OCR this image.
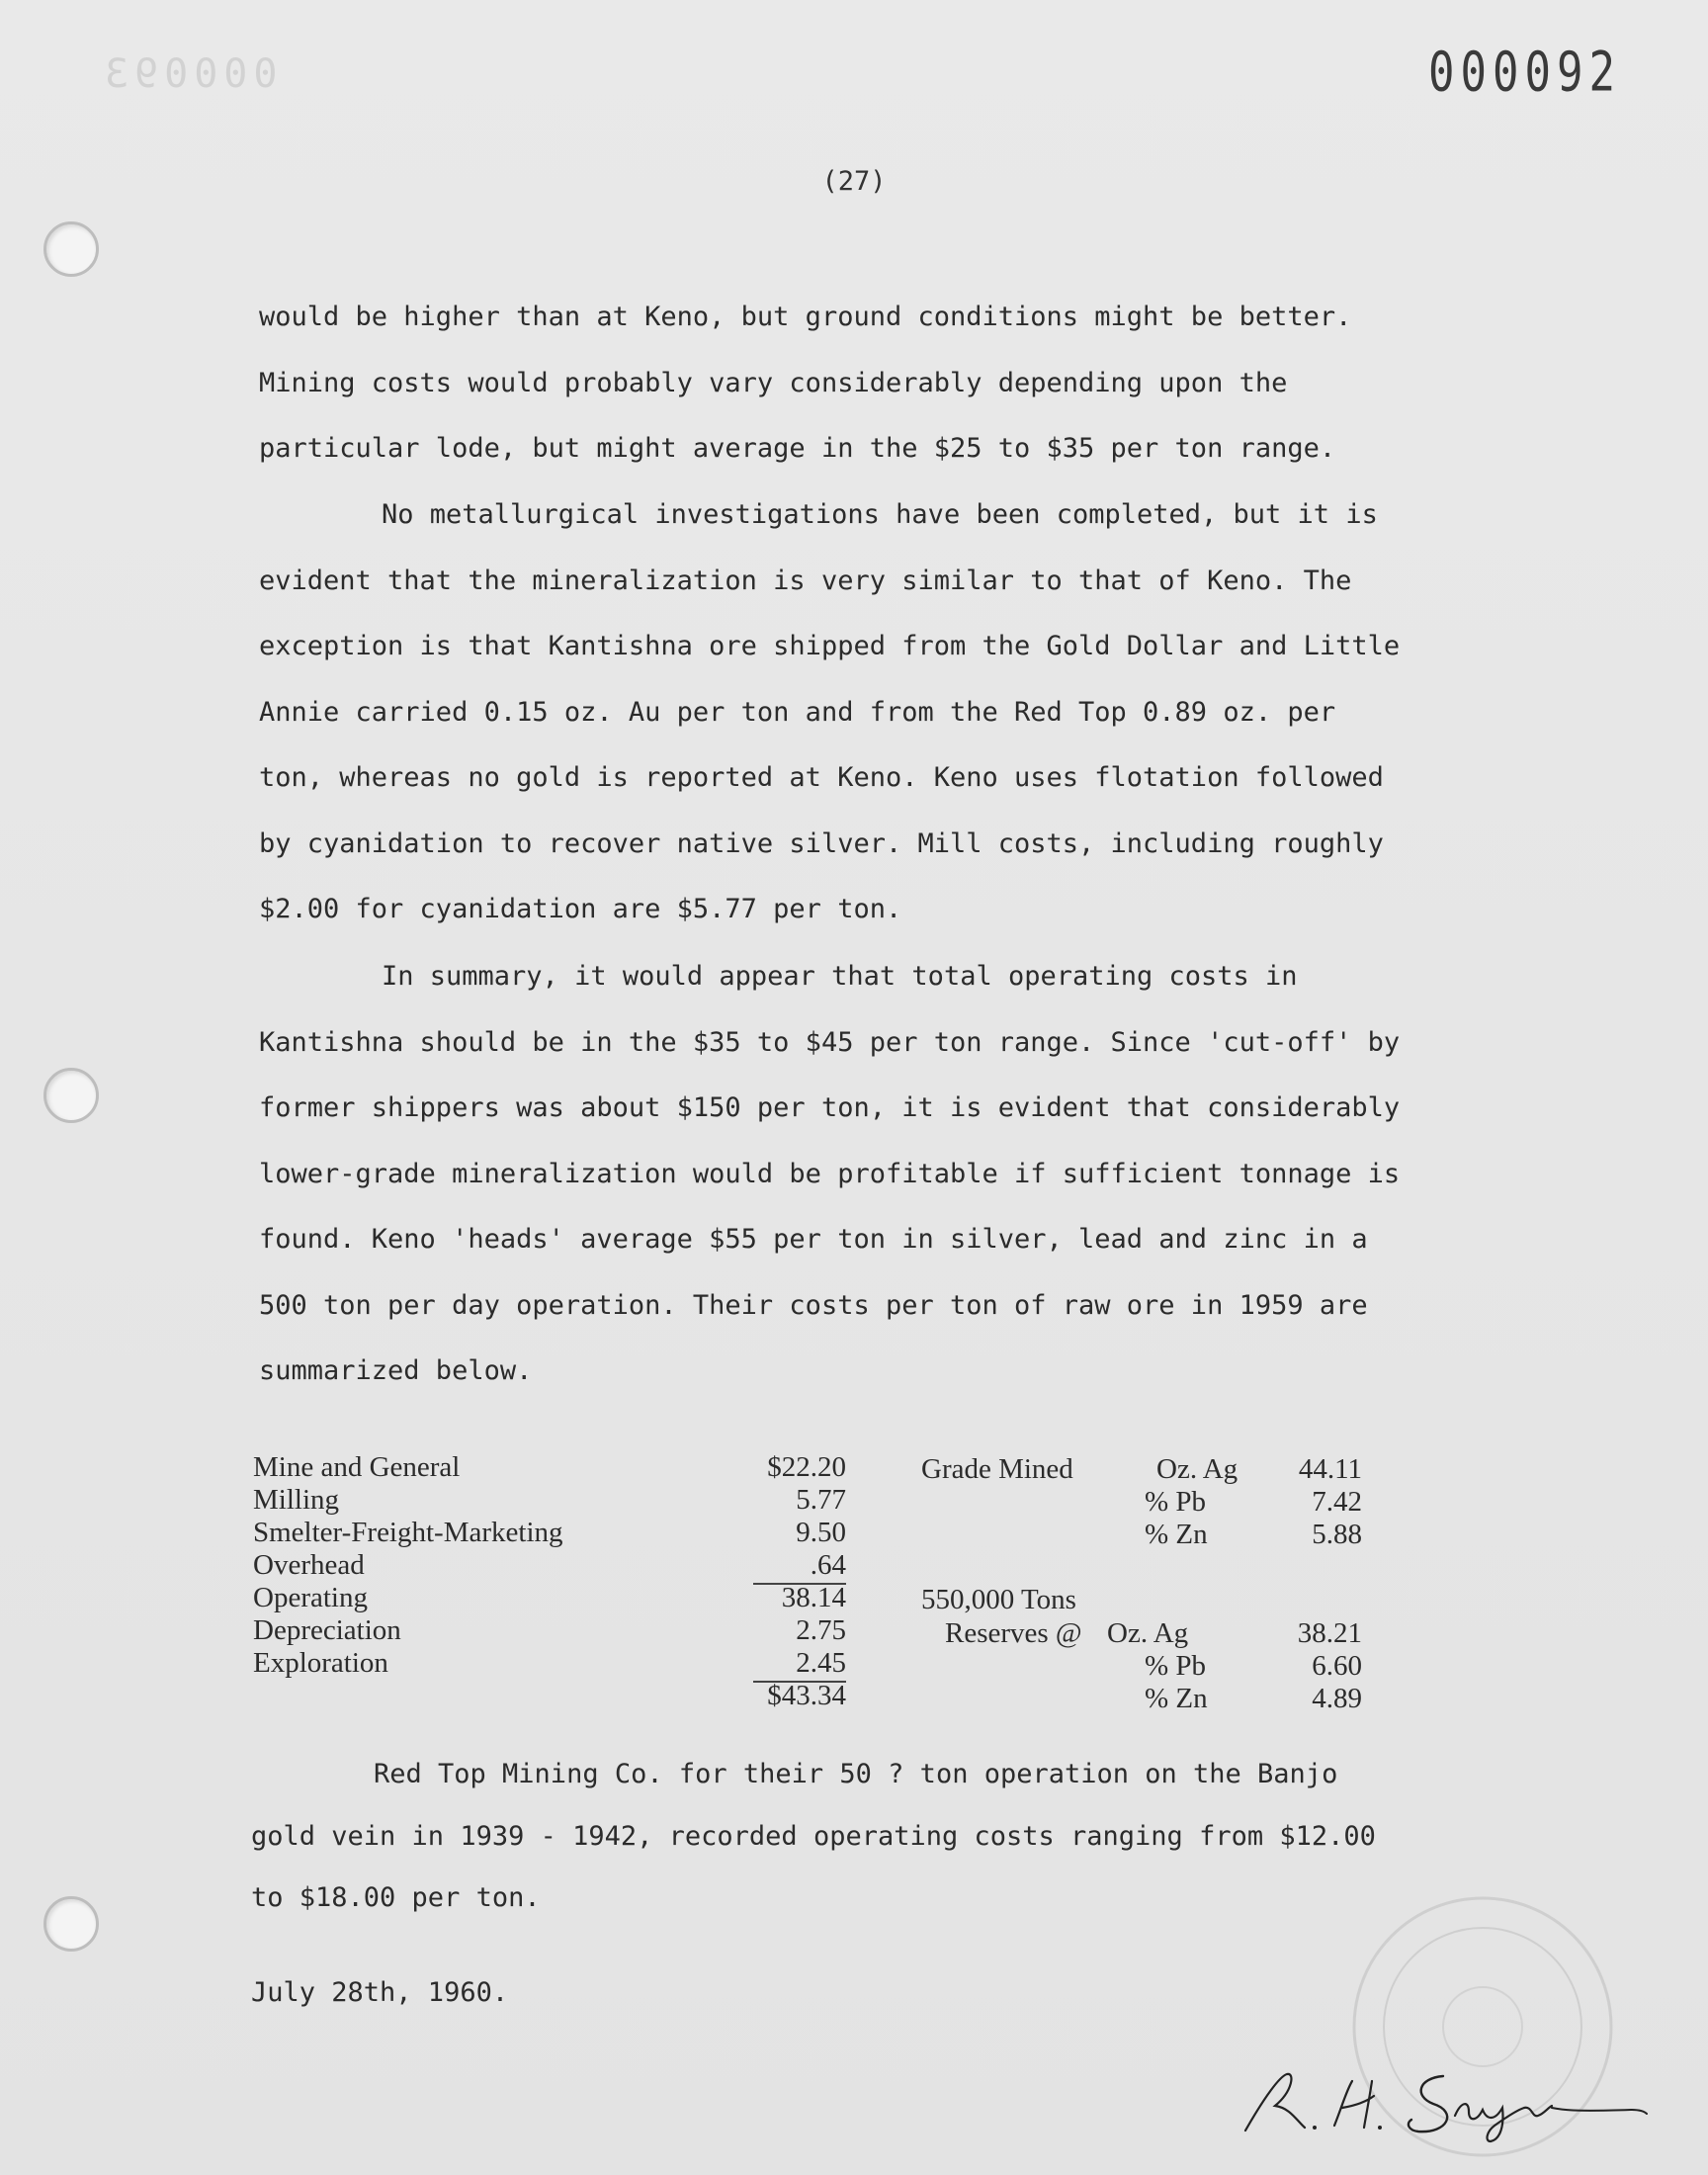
000093	000092
(27)
would be higher than at Keno, but ground conditions might be better.
Mining costs would probably vary considerably depending upon the
particular lode, but might average in the $25 to $35 per ton range.
No metallurgical investigations have been completed, but it is
evident that the mineralization is very similar to that of Keno. The
exception is that Kantishna ore shipped from the Gold Dollar and Little
Annie carried 0.15 oz. Au per ton and from the Red Top 0.89 oz. per
ton, whereas no gold is reported at Keno. Keno uses flotation followed
by cyanidation to recover native silver. Mill costs, including roughly
$2.00 for cyanidation are $5.77 per ton.
In summary, it would appear that total operating costs in
Kantishna should be in the $35 to $45 per ton range. Since 'cut-off' by
former shippers was about $150 per ton, it is evident that considerably
lower-grade mineralization would be profitable if sufficient tonnage is
found. Keno 'heads' average $55 per ton in silver, lead and zinc in a
500 ton per day operation. Their costs per ton of raw ore in 1959 are
summarized below.
Mine and General	$22.20
Milling	5.77
Smelter-Freight-Marketing	9.50
Overhead	.64
Operating	38.14
Depreciation	2.75
Exploration	2.45
$43.34
Grade Mined	Oz. Ag	44.11
% Pb	7.42
% Zn	5.88
550,000 Tons
Reserves @ Oz. Ag	38.21
% Pb	6.60
% Zn	4.89
Red Top Mining Co. for their 50 ? ton operation on the Banjo
gold vein in 1939 - 1942, recorded operating costs ranging from $12.00
to $18.00 per ton.
July 28th, 1960.
